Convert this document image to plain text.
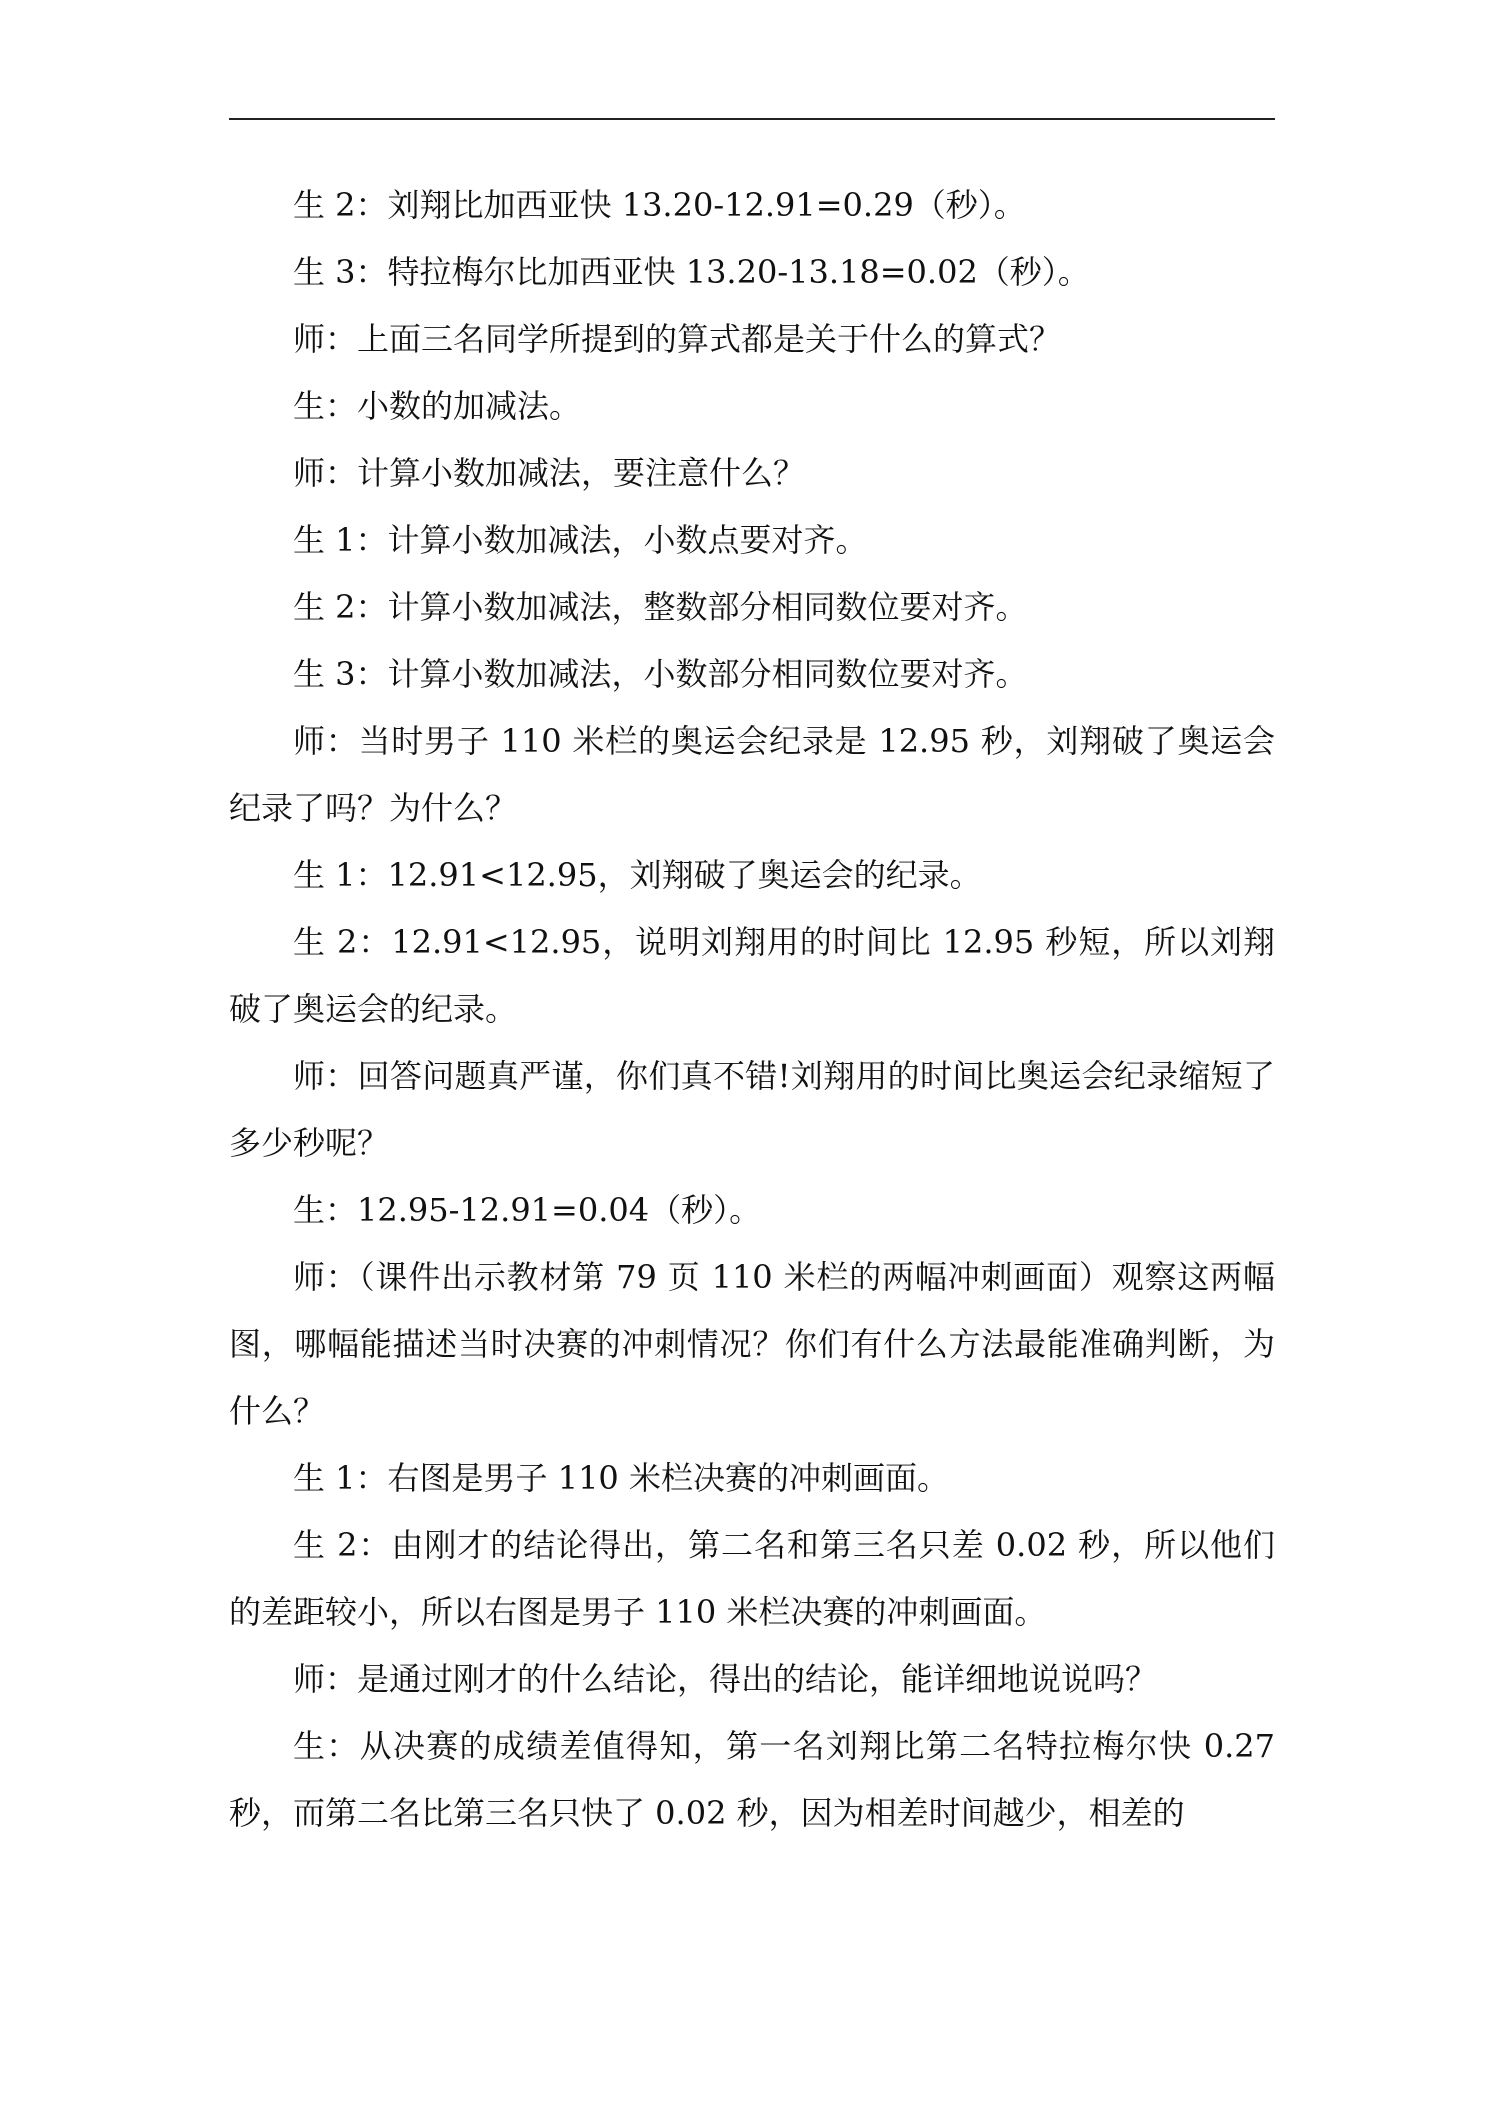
生 2：刘翔比加西亚快 13.20-12.91=0.29（秒）。

生 3：特拉梅尔比加西亚快 13.20-13.18=0.02（秒）。

师：上面三名同学所提到的算式都是关于什么的算式？

生：小数的加减法。

师：计算小数加减法，要注意什么？

生 1：计算小数加减法，小数点要对齐。

生 2：计算小数加减法，整数部分相同数位要对齐。

生 3：计算小数加减法，小数部分相同数位要对齐。

师：当时男子 110 米栏的奥运会纪录是 12.95 秒，刘翔破了奥运会纪录了吗？为什么？

生 1：12.91<12.95，刘翔破了奥运会的纪录。

生 2：12.91<12.95，说明刘翔用的时间比 12.95 秒短，所以刘翔破了奥运会的纪录。

师：回答问题真严谨，你们真不错!刘翔用的时间比奥运会纪录缩短了多少秒呢？

生：12.95-12.91=0.04（秒）。

师：（课件出示教材第 79 页 110 米栏的两幅冲刺画面）观察这两幅图，哪幅能描述当时决赛的冲刺情况？你们有什么方法最能准确判断，为什么？

生 1：右图是男子 110 米栏决赛的冲刺画面。

生 2：由刚才的结论得出，第二名和第三名只差 0.02 秒，所以他们的差距较小，所以右图是男子 110 米栏决赛的冲刺画面。

师：是通过刚才的什么结论，得出的结论，能详细地说说吗？

生：从决赛的成绩差值得知，第一名刘翔比第二名特拉梅尔快 0.27 秒，而第二名比第三名只快了 0.02 秒，因为相差时间越少，相差的
